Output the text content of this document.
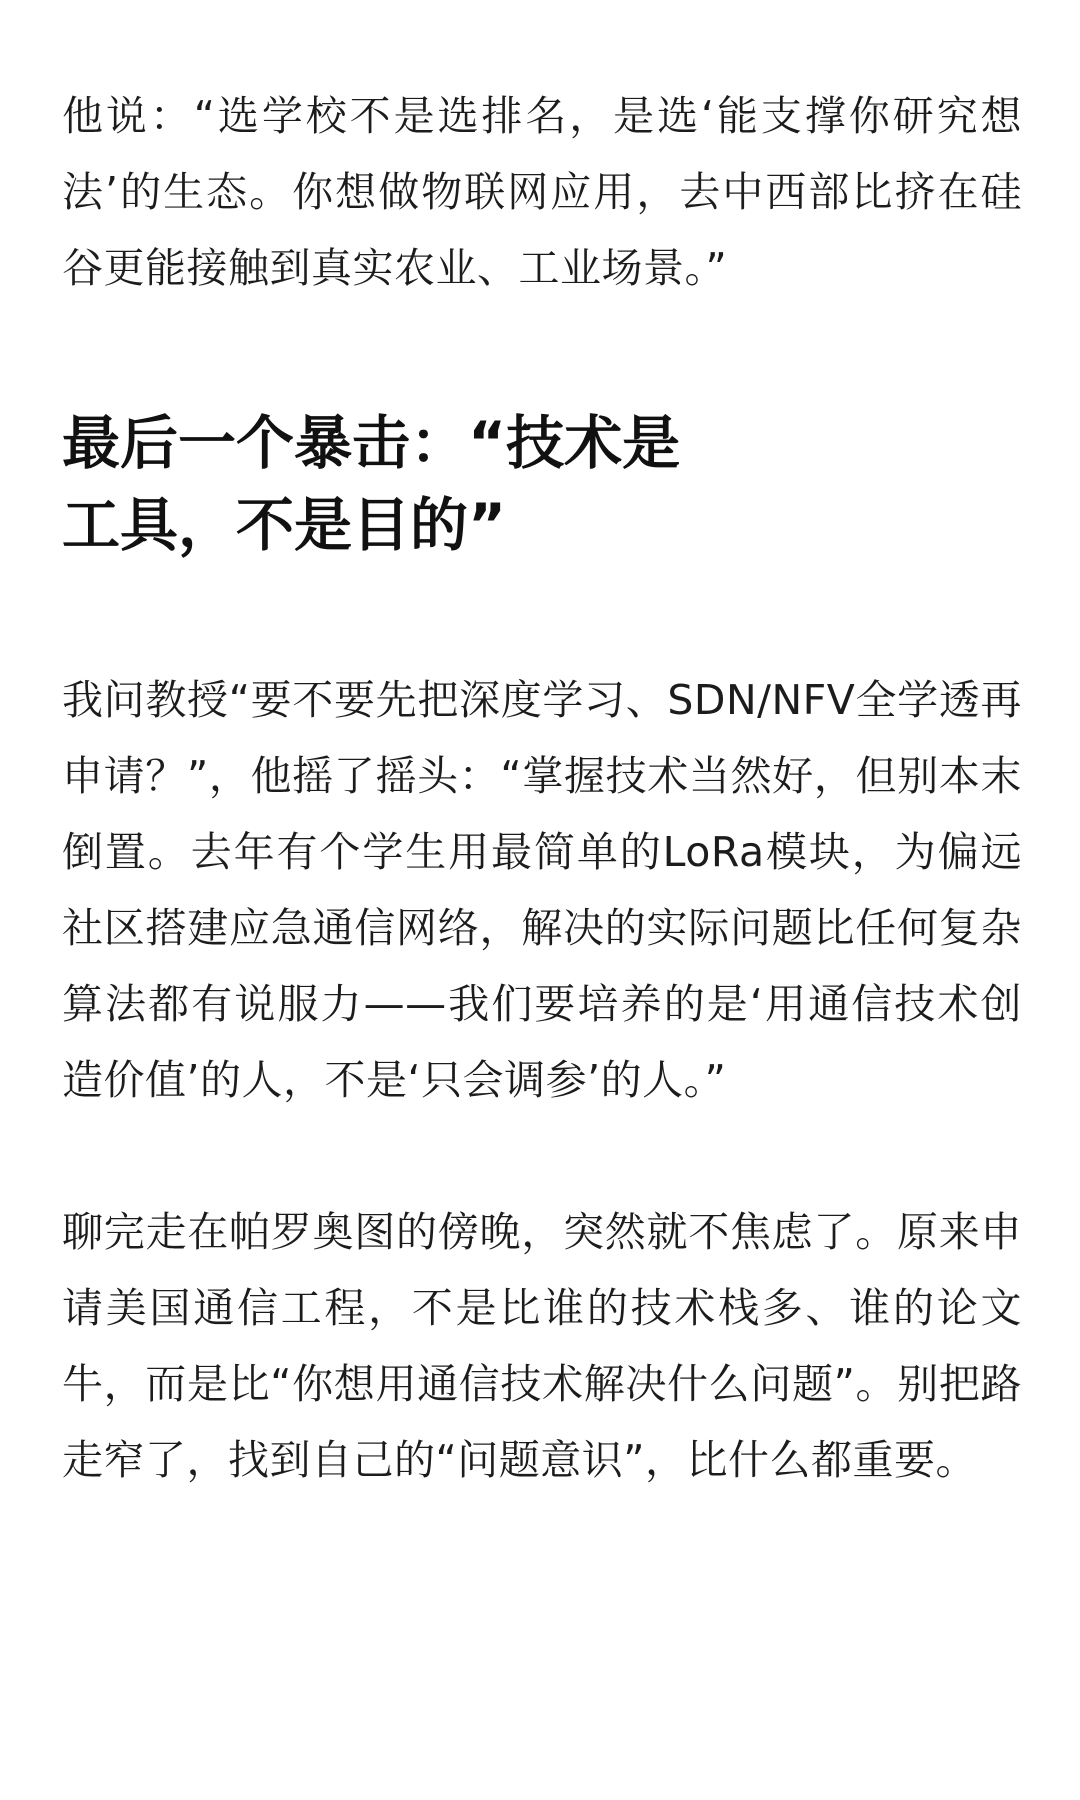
他说：“选学校不是选排名，是选‘能支撑你研究想法’的生态。你想做物联网应用，去中西部比挤在硅谷更能接触到真实农业、工业场景。”

最后一个暴击：“技术是工具，不是目的”

我问教授“要不要先把深度学习、SDN/NFV全学透再申请？”，他摇了摇头：“掌握技术当然好，但别本末倒置。去年有个学生用最简单的LoRa模块，为偏远社区搭建应急通信网络，解决的实际问题比任何复杂算法都有说服力——我们要培养的是‘用通信技术创造价值’的人，不是‘只会调参’的人。”

聊完走在帕罗奥图的傍晚，突然就不焦虑了。原来申请美国通信工程，不是比谁的技术栈多、谁的论文牛，而是比“你想用通信技术解决什么问题”。别把路走窄了，找到自己的“问题意识”，比什么都重要。
